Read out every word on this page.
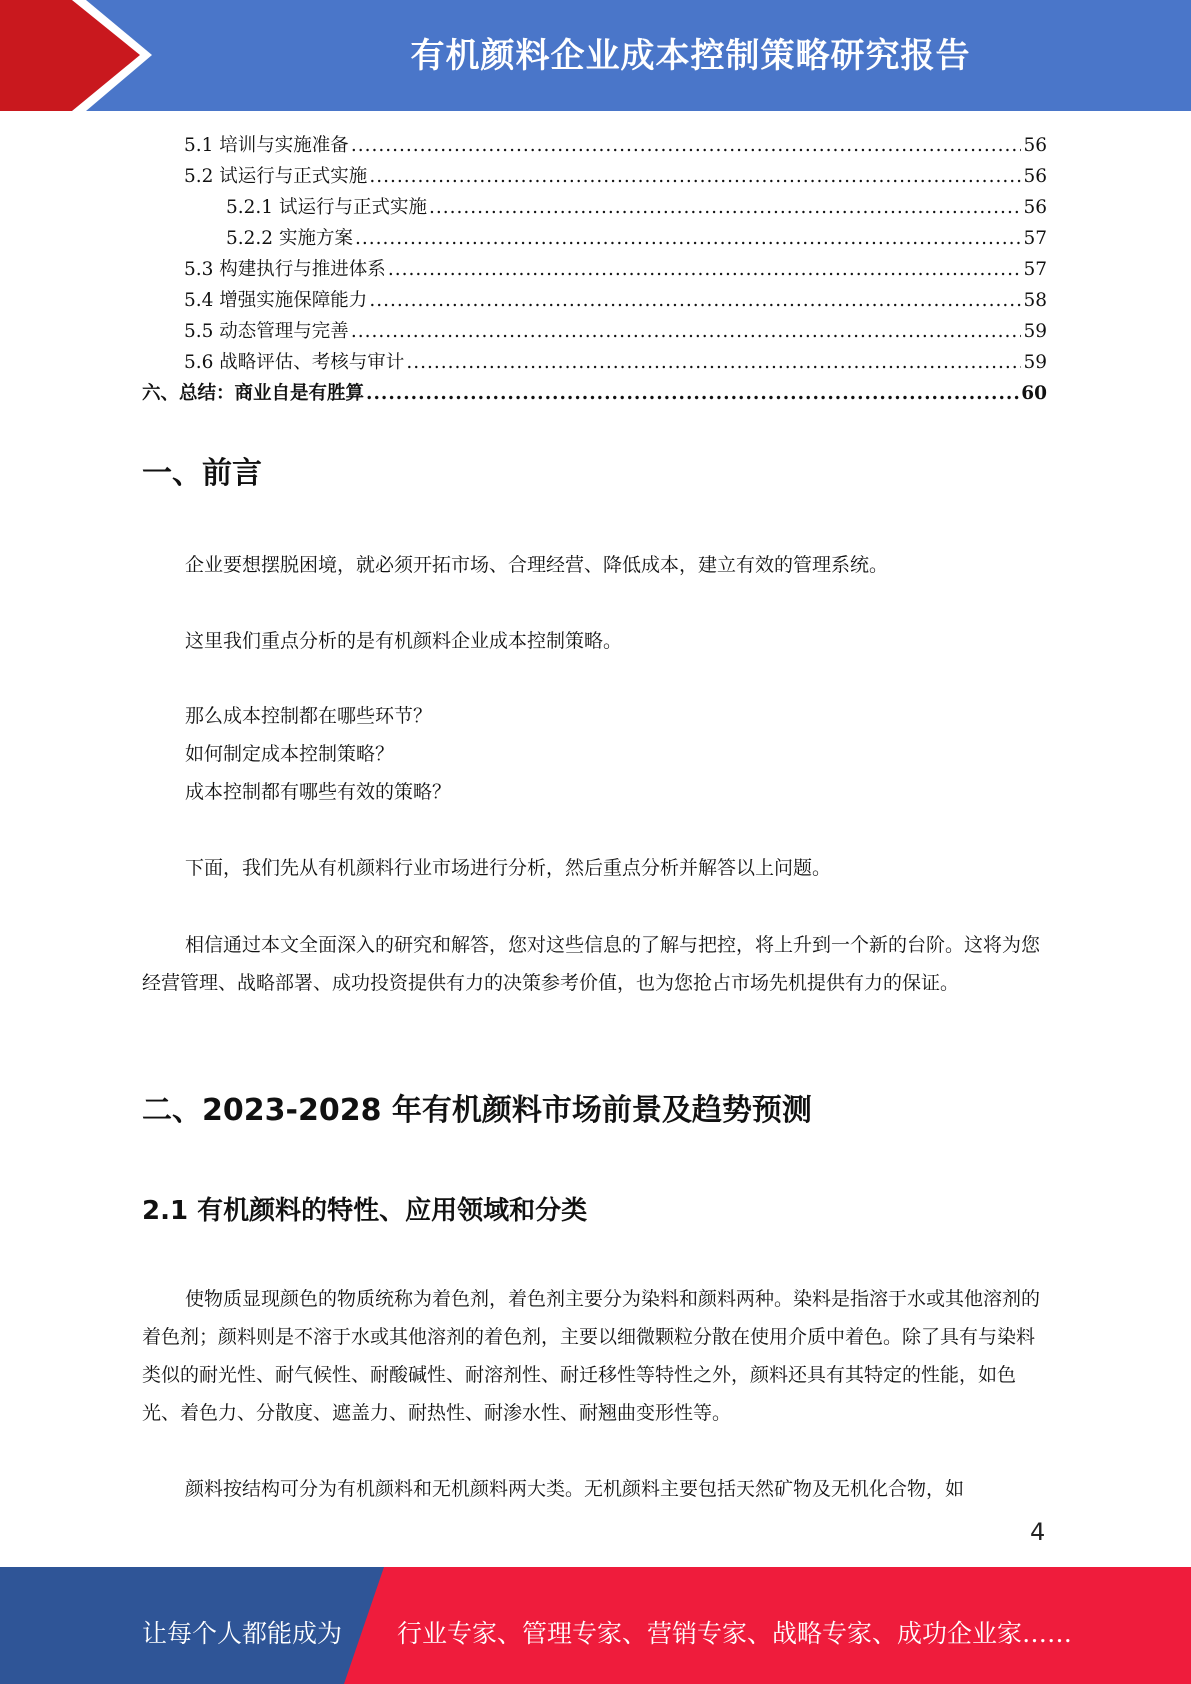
有机颜料企业成本控制策略研究报告
5.1 培训与实施准备 .....	56
5.2 试运行与正式实施 .....	56
5.2.1 试运行与正式实施 .....	56
5.2.2 实施方案 .....	57
5.3 构建执行与推进体系 .....	57
5.4 增强实施保障能力 .....	58
5.5 动态管理与完善 .....	59
5.6 战略评估、考核与审计 .....	59
六、总结：商业自是有胜算 .....	60
一、前言

企业要想摆脱困境，就必须开拓市场、合理经营、降低成本，建立有效的管理系统。

这里我们重点分析的是有机颜料企业成本控制策略。

那么成本控制都在哪些环节？

如何制定成本控制策略？

成本控制都有哪些有效的策略？

下面，我们先从有机颜料行业市场进行分析，然后重点分析并解答以上问题。

相信通过本文全面深入的研究和解答，您对这些信息的了解与把控，将上升到一个新的台阶。这将为您经营管理、战略部署、成功投资提供有力的决策参考价值，也为您抢占市场先机提供有力的保证。

二、2023-2028 年有机颜料市场前景及趋势预测
2.1 有机颜料的特性、应用领域和分类

使物质显现颜色的物质统称为着色剂，着色剂主要分为染料和颜料两种。染料是指溶于水或其他溶剂的着色剂；颜料则是不溶于水或其他溶剂的着色剂，主要以细微颗粒分散在使用介质中着色。除了具有与染料类似的耐光性、耐气候性、耐酸碱性、耐溶剂性、耐迁移性等特性之外，颜料还具有其特定的性能，如色光、着色力、分散度、遮盖力、耐热性、耐渗水性、耐翘曲变形性等。

颜料按结构可分为有机颜料和无机颜料两大类。无机颜料主要包括天然矿物及无机化合物，如

4
让每个人都能成为 行业专家、管理专家、营销专家、战略专家、成功企业家……
